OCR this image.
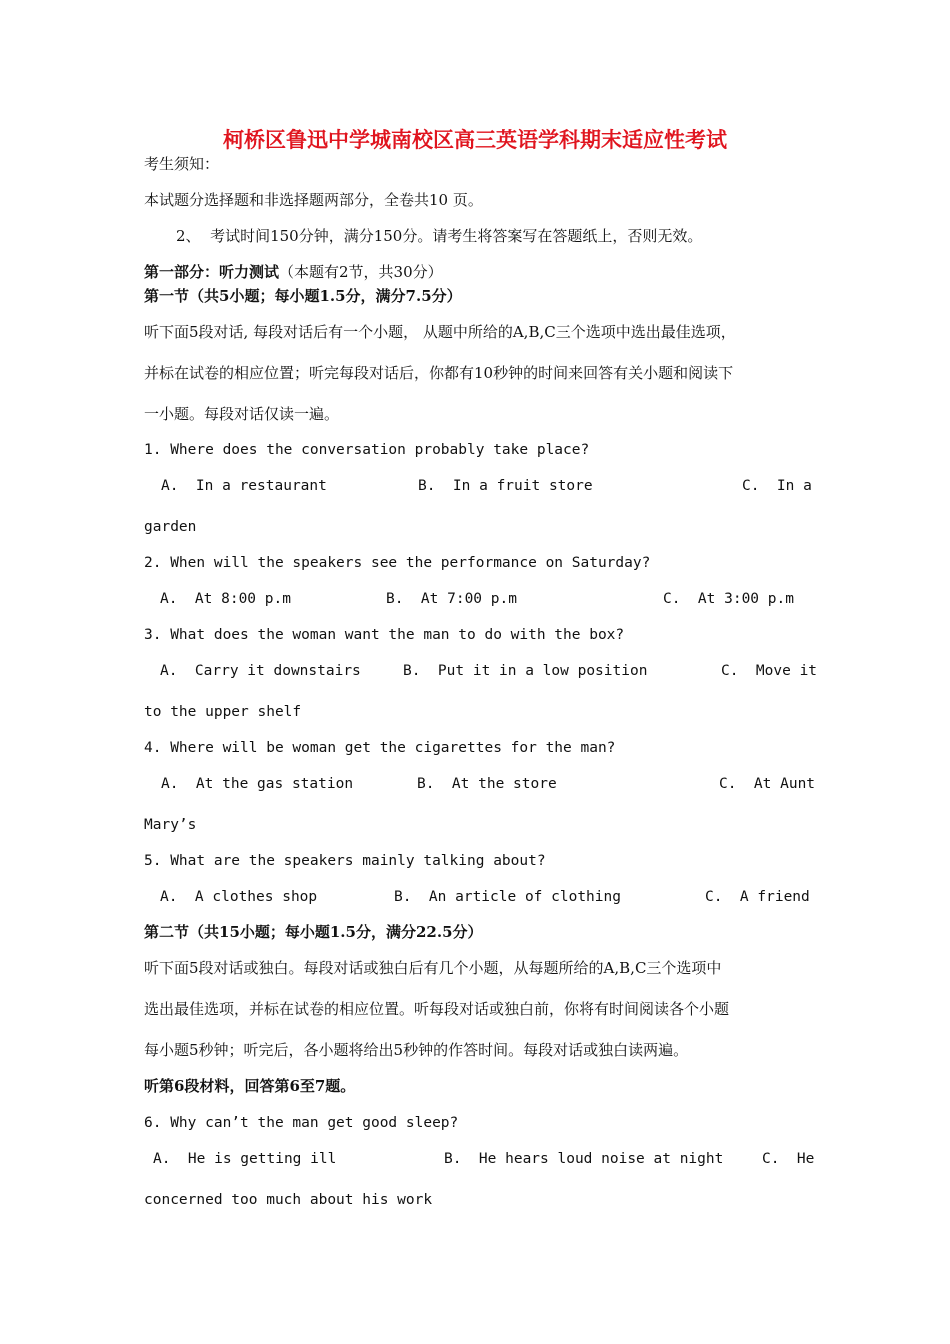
柯桥区鲁迅中学城南校区高三英语学科期末适应性考试
考生须知：
本试题分选择题和非选择题两部分，全卷共10 页。
2、  考试时间150分钟，满分150分。请考生将答案写在答题纸上，否则无效。
第一部分：听力测试（本题有2节，共30分）
第一节（共5小题；每小题1.5分，满分7.5分）
听下面5段对话, 每段对话后有一个小题， 从题中所给的A,B,C三个选项中选出最佳选项，
并标在试卷的相应位置；听完每段对话后，你都有10秒钟的时间来回答有关小题和阅读下
一小题。每段对话仅读一遍。
1. Where does the conversation probably take place?
A.  In a restaurant	B.  In a fruit store	C.  In a
garden
2. When will the speakers see the performance on Saturday?
A.  At 8:00 p.m	B.  At 7:00 p.m	C.  At 3:00 p.m
3. What does the woman want the man to do with the box?
A.  Carry it downstairs	B.  Put it in a low position	C.  Move it
to the upper shelf
4. Where will be woman get the cigarettes for the man?
A.  At the gas station	B.  At the store	C.  At Aunt
Mary’s
5. What are the speakers mainly talking about?
A.  A clothes shop	B.  An article of clothing	C.  A friend
第二节（共15小题；每小题1.5分，满分22.5分）
听下面5段对话或独白。每段对话或独白后有几个小题，从每题所给的A,B,C三个选项中
选出最佳选项，并标在试卷的相应位置。听每段对话或独白前，你将有时间阅读各个小题
每小题5秒钟；听完后，各小题将给出5秒钟的作答时间。每段对话或独白读两遍。
听第6段材料，回答第6至7题。
6. Why can’t the man get good sleep?
A.  He is getting ill	B.  He hears loud noise at night	C.  He
concerned too much about his work
